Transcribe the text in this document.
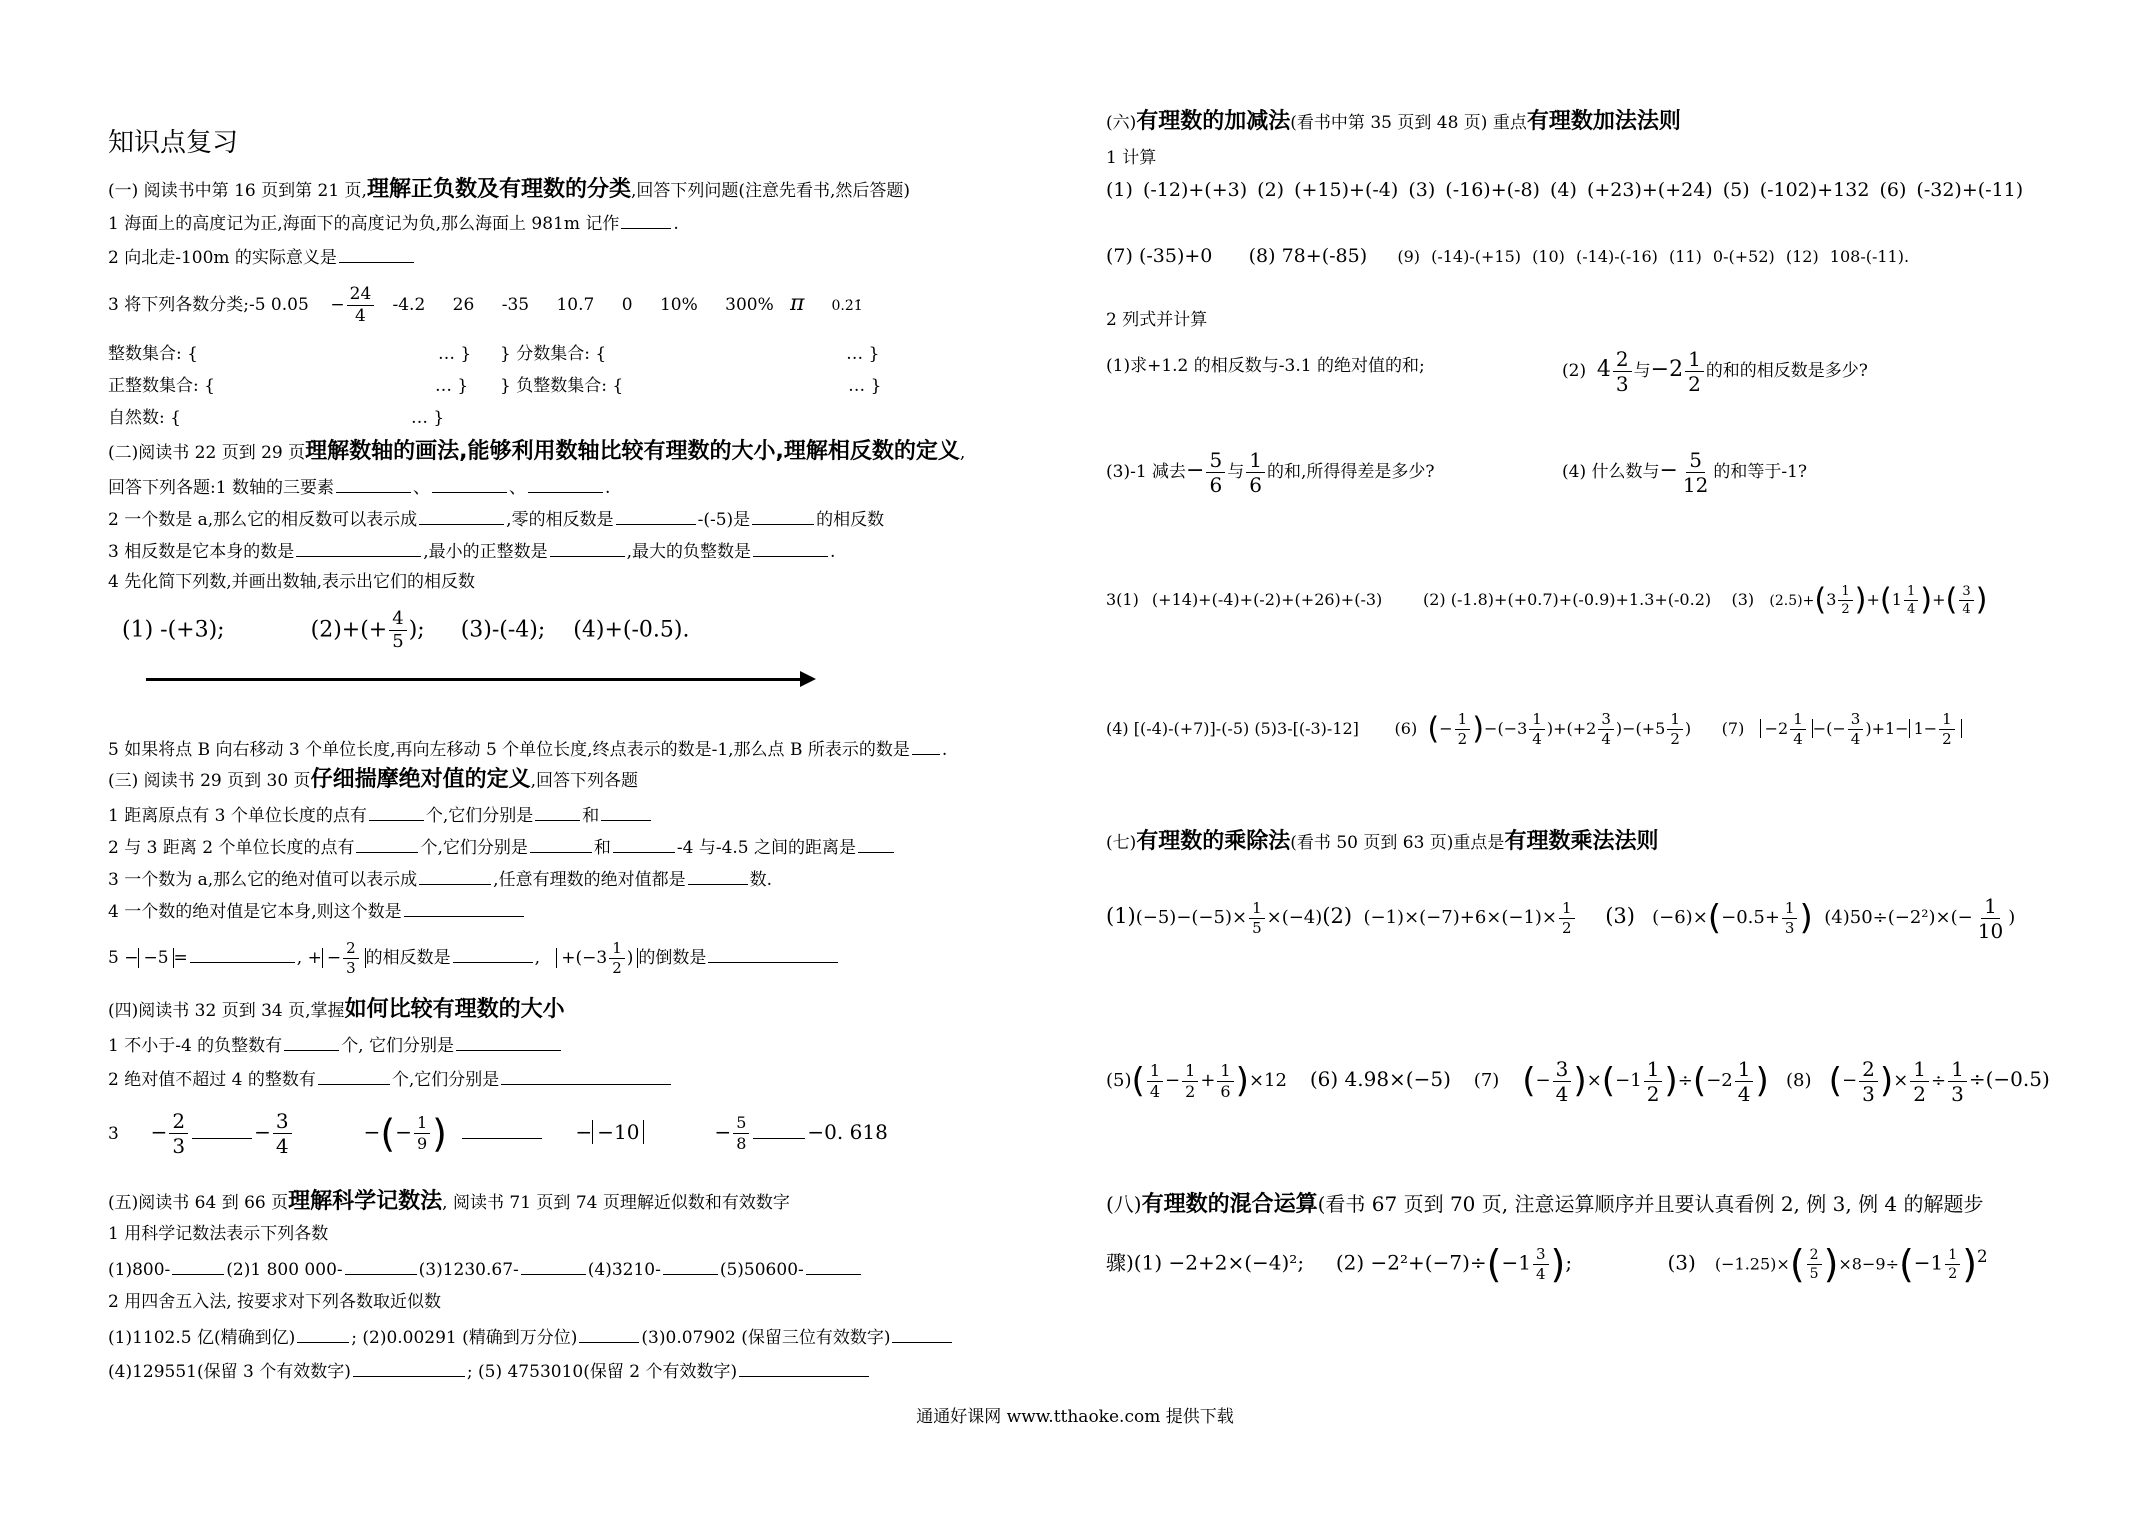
知识点复习
(一) 阅读书中第 16 页到第 21 页,理解正负数及有理数的分类,回答下列问题(注意先看书,然后答题)
1 海面上的高度记为正,海面下的高度记为负,那么海面上 981m 记作	.
2 向北走-100m 的实际意义是
3 将下列各数分类;-5 0.05    − $\frac{24}{4} -4.2$ 26 -35 10.7 0 10% 300% π 0.2̇1̇
整数集合: {	… } } 分数集合: {	… }
正整数集合: {	… } } 负整数集合: {	… }
自然数: {	… }
(二)阅读书 22 页到 29 页理解数轴的画法,能够利用数轴比较有理数的大小,理解相反数的定义,
回答下列各题:1 数轴的三要素	、	、	.
2 一个数是 a,那么它的相反数可以表示成	,零的相反数是	-(-5)是	的相反数
3 相反数是它本身的数是	,最小的正整数是	,最大的负整数是	.
4 先化简下列数,并画出数轴,表示出它们的相反数
(1) -(+3);	$(2)+(+ \frac{4}{5}$ ); (3)-(-4); (4)+(-0.5).
5 如果将点 B 向右移动 3 个单位长度,再向左移动 5 个单位长度,终点表示的数是-1,那么点 B 所表示的数是 .
(三) 阅读书 29 页到 30 页仔细揣摩绝对值的定义,回答下列各题
1 距离原点有 3 个单位长度的点有	个,它们分别是	和
2 与 3 距离 2 个单位长度的点有	个,它们分别是	和	-4 与-4.5 之间的距离是
3 一个数为 a,那么它的绝对值可以表示成	,任意有理数的绝对值都是	数.
4 一个数的绝对值是它本身,则这个数是
5 − −5 =	, + − $\frac{2}{3}$ 的相反数是	,   $+(-3 \frac{1}{2}$ ) 的倒数是
(四)阅读书 32 页到 34 页,掌握如何比较有理数的大小
1 不小于-4 的负整数有	个, 它们分别是
2 绝对值不超过 4 的整数有	个,它们分别是
3     − $\frac{2}{3}$	− $\frac{3}{4}$	−(− $\frac{1}{9}$ )	− −10	− $\frac{5}{8}$	−0. 618
(五)阅读书 64 到 66 页理解科学记数法, 阅读书 71 页到 74 页理解近似数和有效数字
1 用科学记数法表示下列各数
(1)800-	(2)1 800 000-	(3)1230.67-	(4)3210-	(5)50600-
2 用四舍五入法, 按要求对下列各数取近似数
(1)1102.5 亿(精确到亿)	; (2)0.00291 (精确到万分位)	(3)0.07902 (保留三位有效数字)
(4)129551(保留 3 个有效数字)	; (5) 4753010(保留 2 个有效数字)
(六)有理数的加减法(看书中第 35 页到 48 页) 重点有理数加法法则
1 计算
(1) (-12)+(+3) (2) (+15)+(-4) (3) (-16)+(-8) (4) (+23)+(+24) (5) (-102)+132 (6) (-32)+(-11)
(7) (-35)+0 (8) 78+(-85) (9) (-14)-(+15) (10) (-14)-(-16) (11) 0-(+52) (12) 108-(-11).
2 列式并计算
(1)求+1.2 的相反数与-3.1 的绝对值的和;	(2) $4 \frac{2}{3}$ 与$-2 \frac{1}{2}$ 的和的相反数是多少?
(3)-1 减去− $\frac{5}{6}$ 与 $\frac{1}{6}$ 的和,所得得差是多少?	(4) 什么数与− $\frac{5}{12}$ 的和等于-1?
3(1) (+14)+(-4)+(-2)+(+26)+(-3)	(2) (-1.8)+(+0.7)+(-0.9)+1.3+(-0.2) (3) $(2.5)+(3 \frac{1}{2} )+(1 \frac{1}{4}$ )+( $\frac{3}{4}$ )
(4) [(-4)-(+7)]-(-5) (5)3-[(-3)-12] (6) (− $\frac{1}{2} )-(-3 \frac{1}{4} )+(+2 \frac{3}{4} )-(+5 \frac{1}{2}$ )      $(7) -2 \frac{1}{4}$ −(− $\frac{3}{4} )+1- 1- \frac{1}{2}$
(七)有理数的乘除法(看书 50 页到 63 页)重点是有理数乘法法则
$(1)(-5)-(-5)\times \frac{1}{5} \times(-4)(2)$ $(-1)\times(-7)+6\times(-1)\times \frac{1}{2} (3)$ $(-6)\times(-0.5+ \frac{1}{3}$ ) $(4)50\div(-2^2)\times(- \frac{1}{10}$ )
$(5)( \frac{1}{4} - \frac{1}{2} + \frac{1}{6} )\times 12$ (6) 4.98×(−5) (7) (− $\frac{3}{4} )\times(-1 \frac{1}{2} )\div(-2 \frac{1}{4}$ ) (8) (− $\frac{2}{3}$ )× $\frac{1}{2} \div \frac{1}{3} \div(-0.5)$
(八)有理数的混合运算(看书 67 页到 70 页, 注意运算顺序并且要认真看例 2, 例 3, 例 4 的解题步
骤)(1) −2+2×(−4)²; $(2) -2^2+(-7)\div(-1 \frac{3}{4}$ );	(3) $(-1.25)\times( \frac{2}{5} )\times 8-9\div(-1 \frac{1}{2} )^2$
通通好课网 www.tthaoke.com 提供下载
